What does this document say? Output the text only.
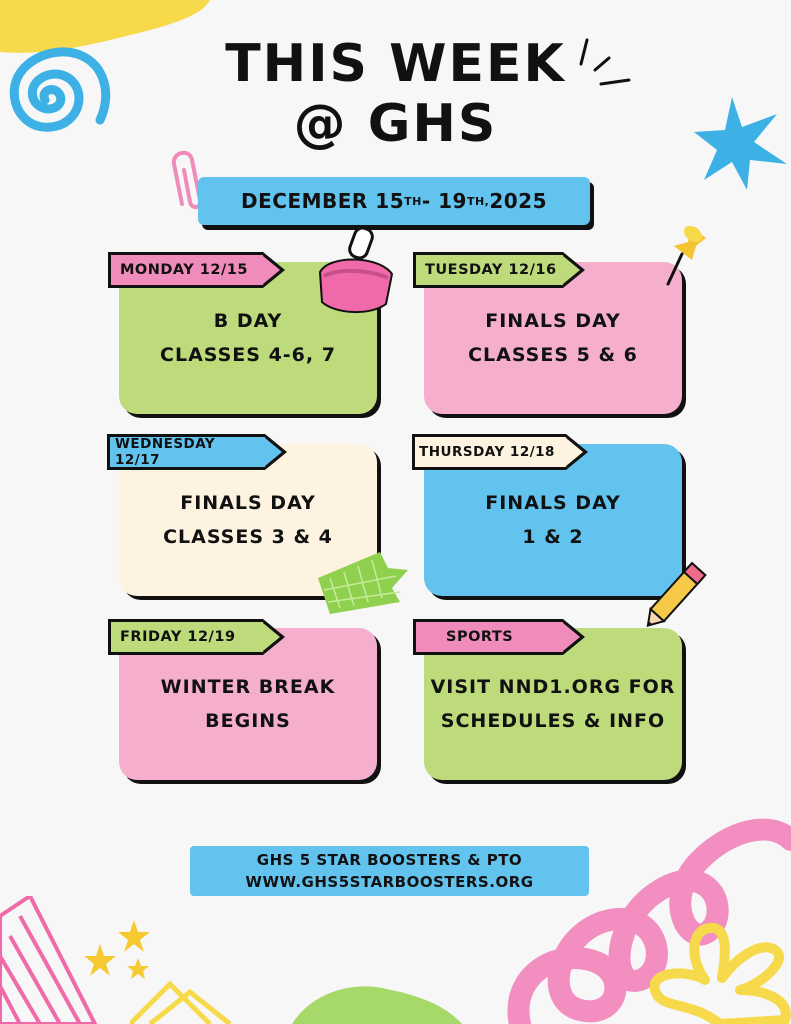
THIS WEEK
@ GHS
DECEMBER 15 TH - 19 TH, 2025
B DAY
CLASSES 4-6, 7
MONDAY 12/15
FINALS DAY
CLASSES 5 & 6
TUESDAY 12/16
FINALS DAY
CLASSES 3 & 4
WEDNESDAY 12/17
FINALS DAY
1 & 2
THURSDAY 12/18
WINTER BREAK
BEGINS
FRIDAY 12/19
VISIT NND1.ORG FOR
SCHEDULES & INFO
SPORTS
GHS 5 STAR BOOSTERS & PTO
WWW.GHS5STARBOOSTERS.ORG
